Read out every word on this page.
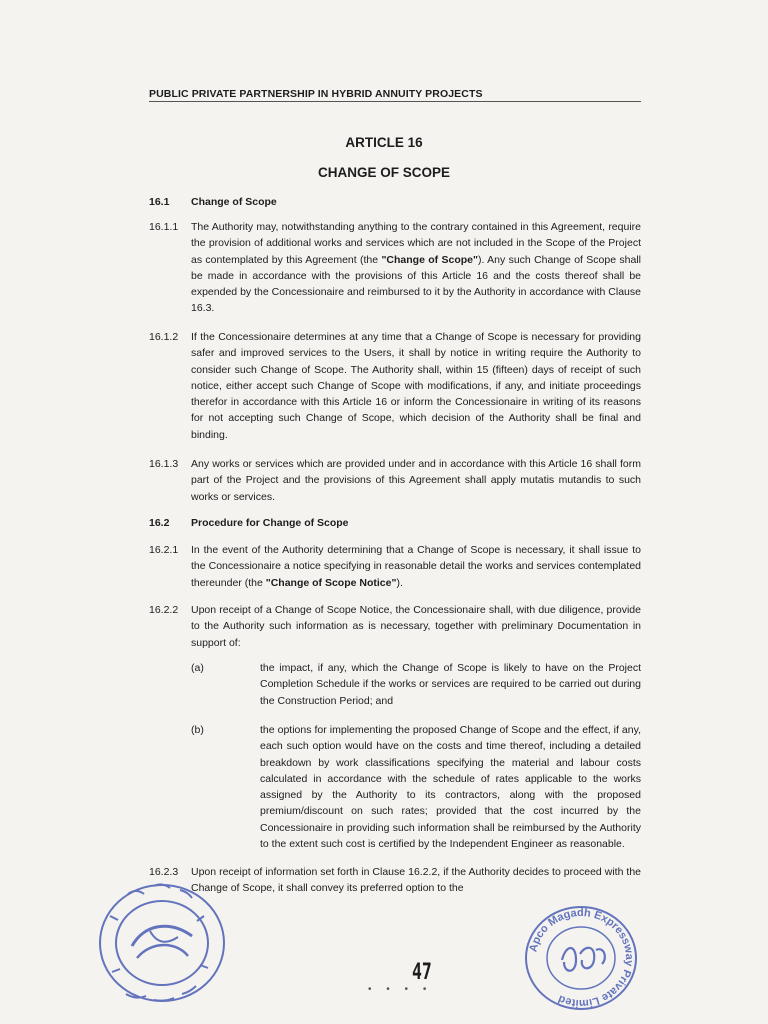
PUBLIC PRIVATE PARTNERSHIP IN HYBRID ANNUITY PROJECTS
ARTICLE 16
CHANGE OF SCOPE
16.1 Change of Scope
16.1.1 The Authority may, notwithstanding anything to the contrary contained in this Agreement, require the provision of additional works and services which are not included in the Scope of the Project as contemplated by this Agreement (the "Change of Scope"). Any such Change of Scope shall be made in accordance with the provisions of this Article 16 and the costs thereof shall be expended by the Concessionaire and reimbursed to it by the Authority in accordance with Clause 16.3.
16.1.2 If the Concessionaire determines at any time that a Change of Scope is necessary for providing safer and improved services to the Users, it shall by notice in writing require the Authority to consider such Change of Scope. The Authority shall, within 15 (fifteen) days of receipt of such notice, either accept such Change of Scope with modifications, if any, and initiate proceedings therefor in accordance with this Article 16 or inform the Concessionaire in writing of its reasons for not accepting such Change of Scope, which decision of the Authority shall be final and binding.
16.1.3 Any works or services which are provided under and in accordance with this Article 16 shall form part of the Project and the provisions of this Agreement shall apply mutatis mutandis to such works or services.
16.2 Procedure for Change of Scope
16.2.1 In the event of the Authority determining that a Change of Scope is necessary, it shall issue to the Concessionaire a notice specifying in reasonable detail the works and services contemplated thereunder (the "Change of Scope Notice").
16.2.2 Upon receipt of a Change of Scope Notice, the Concessionaire shall, with due diligence, provide to the Authority such information as is necessary, together with preliminary Documentation in support of:
(a)	the impact, if any, which the Change of Scope is likely to have on the Project Completion Schedule if the works or services are required to be carried out during the Construction Period; and
(b)	the options for implementing the proposed Change of Scope and the effect, if any, each such option would have on the costs and time thereof, including a detailed breakdown by work classifications specifying the material and labour costs calculated in accordance with the schedule of rates applicable to the works assigned by the Authority to its contractors, along with the proposed premium/discount on such rates; provided that the cost incurred by the Concessionaire in providing such information shall be reimbursed by the Authority to the extent such cost is certified by the Independent Engineer as reasonable.
16.2.3 Upon receipt of information set forth in Clause 16.2.2, if the Authority decides to proceed with the Change of Scope, it shall convey its preferred option to the
• • • •
47
Apco Magadh Expressway Private Limited
